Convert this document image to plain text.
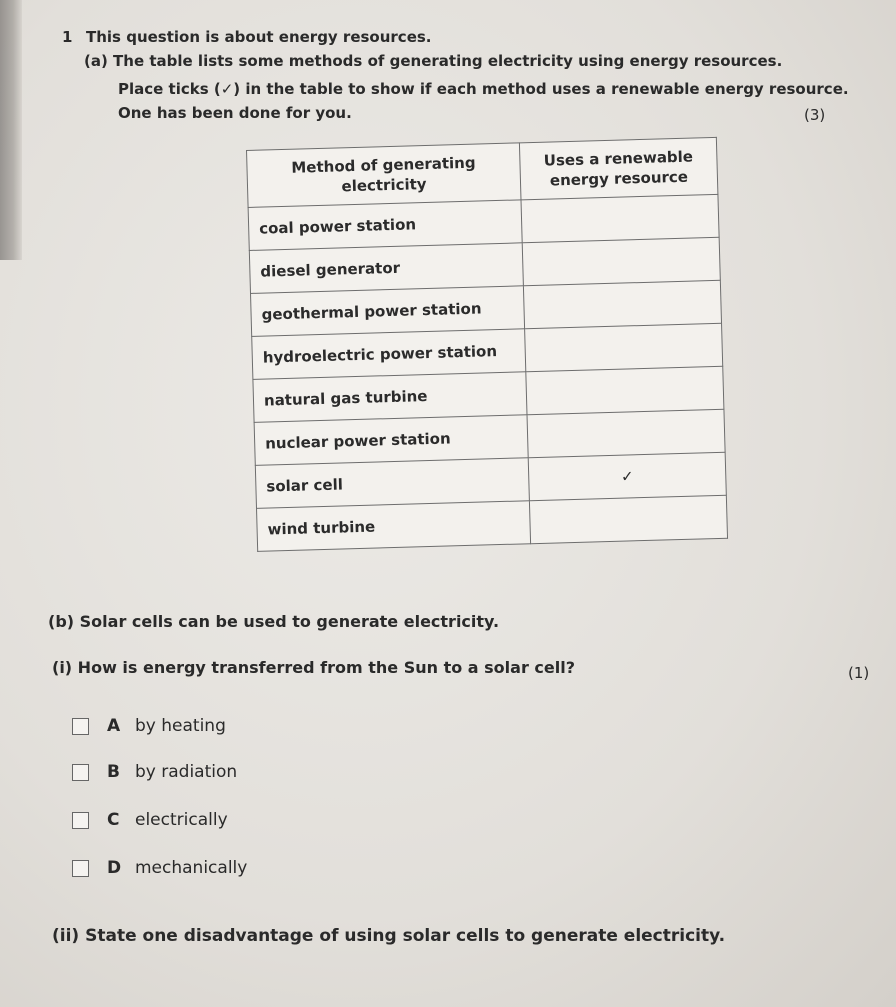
1 This question is about energy resources.
(a) The table lists some methods of generating electricity using energy resources.
Place ticks (✓) in the table to show if each method uses a renewable energy resource.
One has been done for you.	(3)
Method of generating electricity	Uses a renewable energy resource
coal power station	
diesel generator	
geothermal power station	
hydroelectric power station	
natural gas turbine	
nuclear power station	
solar cell	✓
wind turbine	
(b) Solar cells can be used to generate electricity.
(i) How is energy transferred from the Sun to a solar cell?	(1)
A by heating
B by radiation
C electrically
D mechanically
(ii) State one disadvantage of using solar cells to generate electricity.
